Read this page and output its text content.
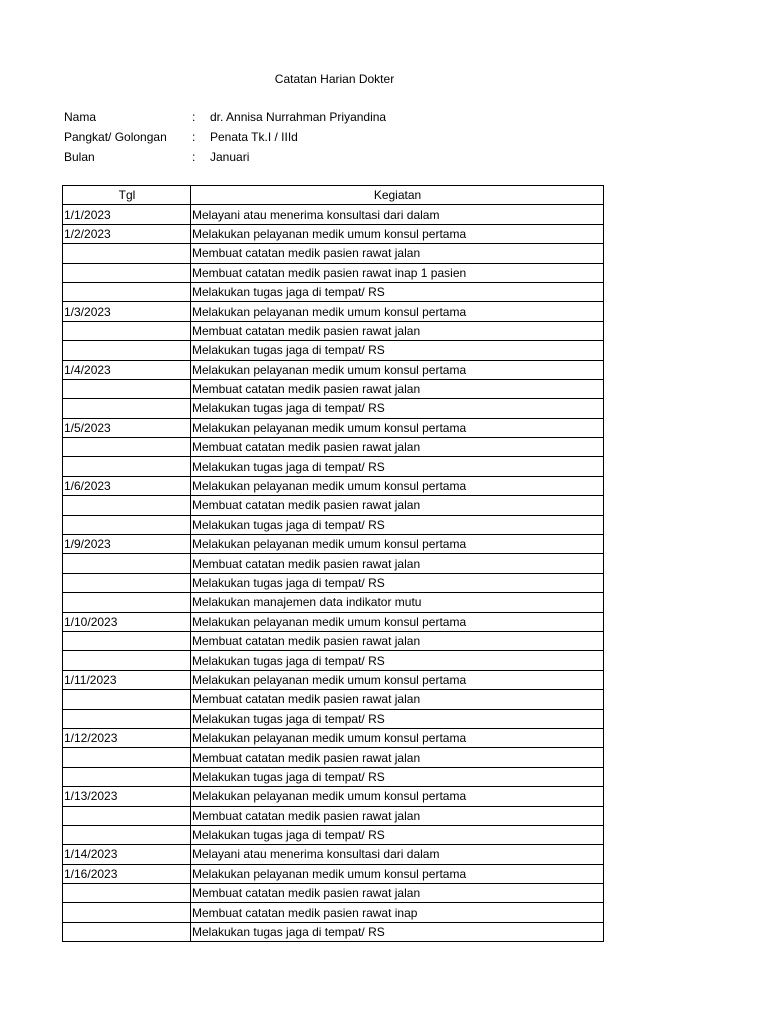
Catatan Harian Dokter
Nama	: dr. Annisa Nurrahman Priyandina
Pangkat/ Golongan : Penata Tk.I / IIId
Bulan	: Januari
Tgl	Kegiatan
1/1/2023	Melayani atau menerima konsultasi dari dalam
1/2/2023	Melakukan pelayanan medik umum konsul pertama
	Membuat catatan medik pasien rawat jalan
	Membuat catatan medik pasien rawat inap 1 pasien
	Melakukan tugas jaga di tempat/ RS
1/3/2023	Melakukan pelayanan medik umum konsul pertama
	Membuat catatan medik pasien rawat jalan
	Melakukan tugas jaga di tempat/ RS
1/4/2023	Melakukan pelayanan medik umum konsul pertama
	Membuat catatan medik pasien rawat jalan
	Melakukan tugas jaga di tempat/ RS
1/5/2023	Melakukan pelayanan medik umum konsul pertama
	Membuat catatan medik pasien rawat jalan
	Melakukan tugas jaga di tempat/ RS
1/6/2023	Melakukan pelayanan medik umum konsul pertama
	Membuat catatan medik pasien rawat jalan
	Melakukan tugas jaga di tempat/ RS
1/9/2023	Melakukan pelayanan medik umum konsul pertama
	Membuat catatan medik pasien rawat jalan
	Melakukan tugas jaga di tempat/ RS
	Melakukan manajemen data indikator mutu
1/10/2023	Melakukan pelayanan medik umum konsul pertama
	Membuat catatan medik pasien rawat jalan
	Melakukan tugas jaga di tempat/ RS
1/11/2023	Melakukan pelayanan medik umum konsul pertama
	Membuat catatan medik pasien rawat jalan
	Melakukan tugas jaga di tempat/ RS
1/12/2023	Melakukan pelayanan medik umum konsul pertama
	Membuat catatan medik pasien rawat jalan
	Melakukan tugas jaga di tempat/ RS
1/13/2023	Melakukan pelayanan medik umum konsul pertama
	Membuat catatan medik pasien rawat jalan
	Melakukan tugas jaga di tempat/ RS
1/14/2023	Melayani atau menerima konsultasi dari dalam
1/16/2023	Melakukan pelayanan medik umum konsul pertama
	Membuat catatan medik pasien rawat jalan
	Membuat catatan medik pasien rawat inap
	Melakukan tugas jaga di tempat/ RS
